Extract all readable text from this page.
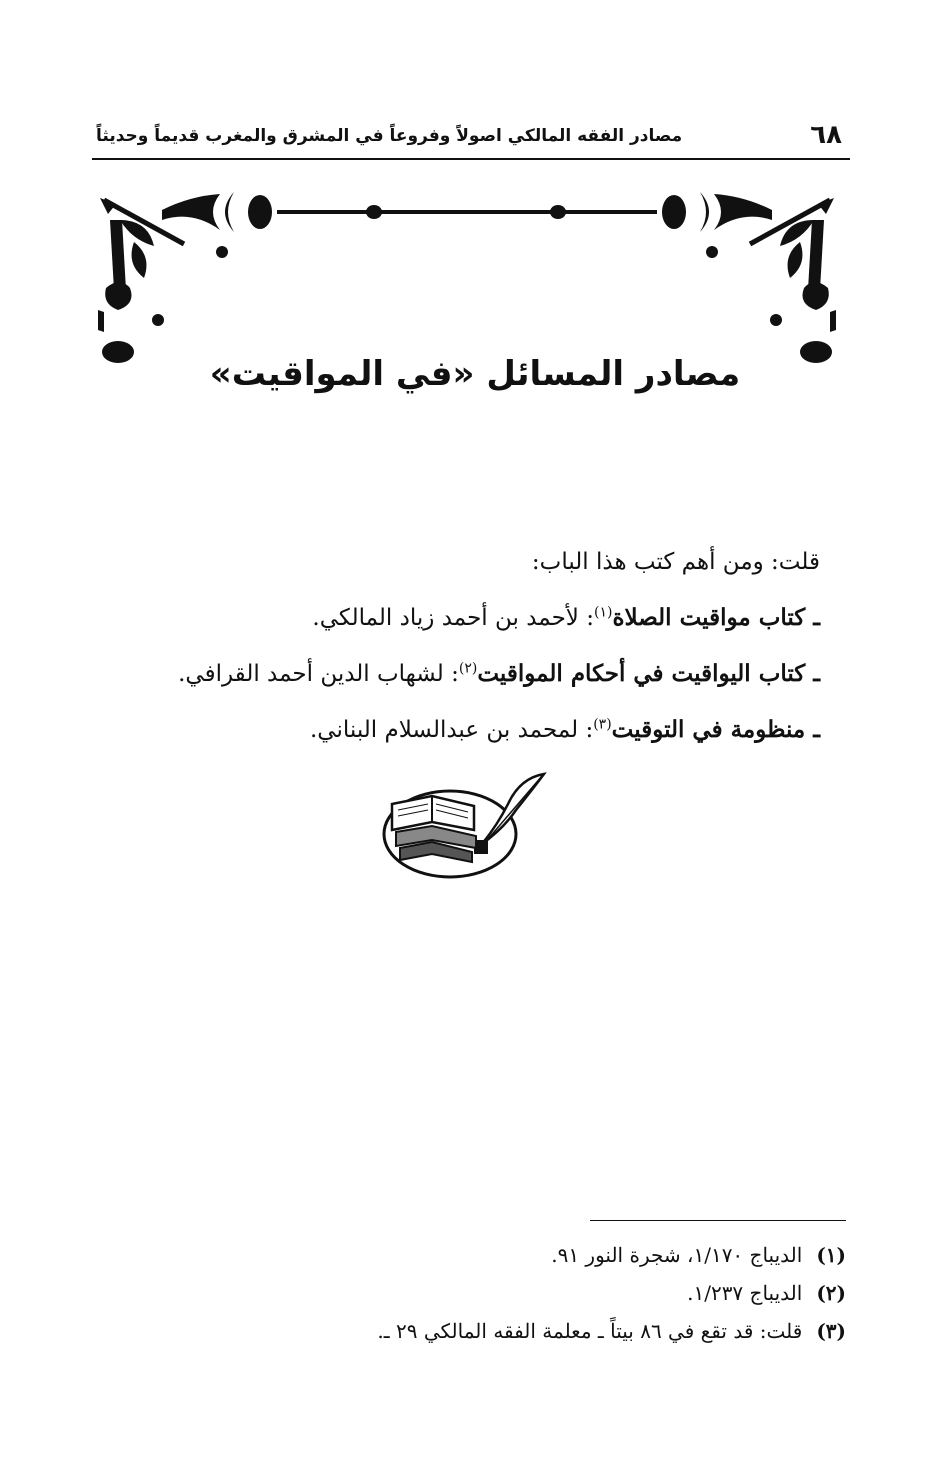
٦٨
مصادر الفقه المالكي اصولاً وفروعاً في المشرق والمغرب قديماً وحديثاً
مصادر المسائل «في المواقيت»

قلت: ومن أهم كتب هذا الباب:

ـ كتاب مواقيت الصلاة$^{(١)}$: لأحمد بن أحمد زياد المالكي.

ـ كتاب اليواقيت في أحكام المواقيت$^{(٢)}$: لشهاب الدين أحمد القرافي.

ـ منظومة في التوقيت$^{(٣)}$: لمحمد بن عبدالسلام البناني.

(١)الديباج ١/١٧٠، شجرة النور ٩١.

(٢)الديباج ١/٢٣٧.

(٣)قلت: قد تقع في ٨٦ بيتاً ـ معلمة الفقه المالكي ٢٩ ـ.
